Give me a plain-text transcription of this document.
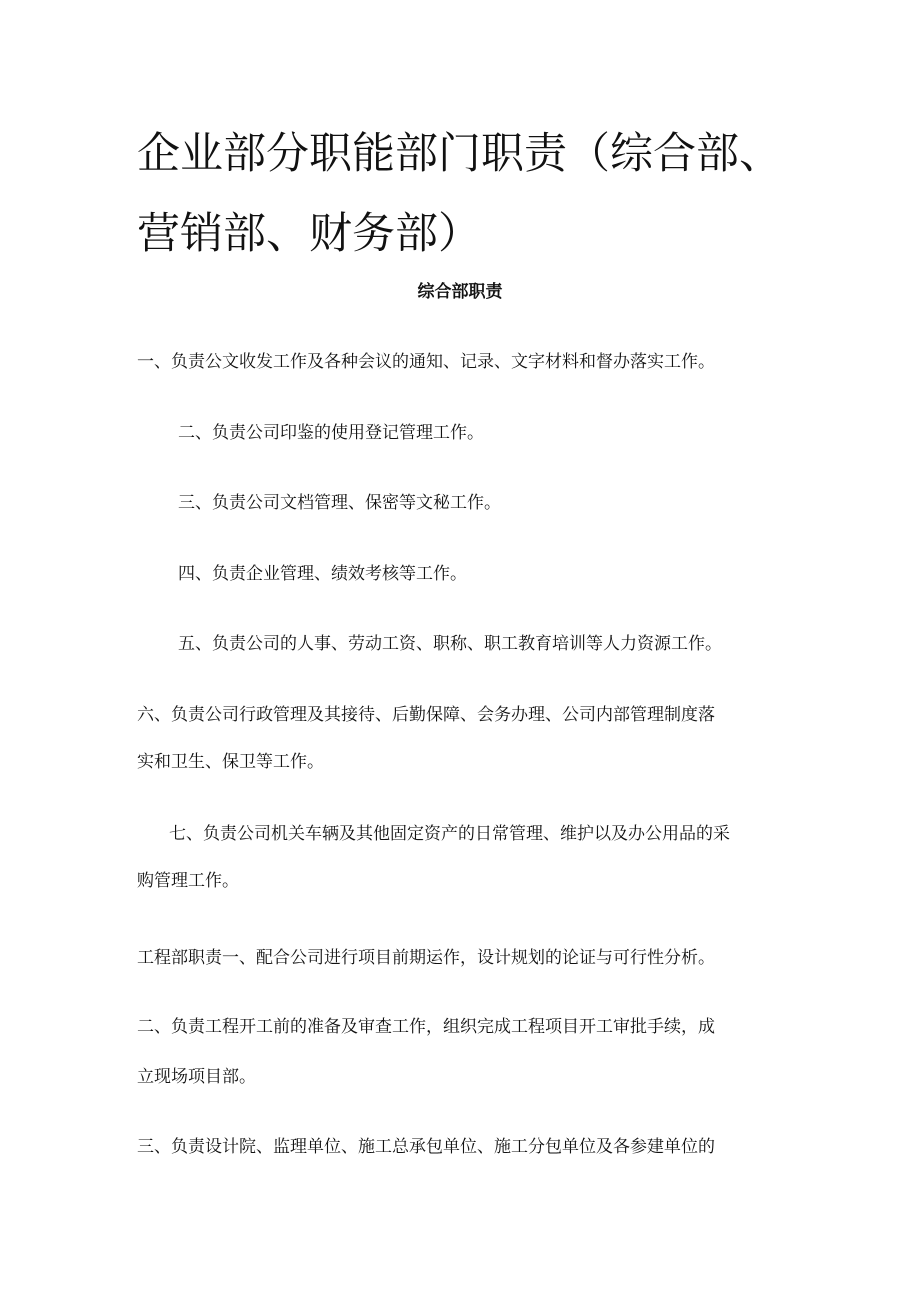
企业部分职能部门职责（综合部、
营销部、财务部）
综合部职责
一、负责公文收发工作及各种会议的通知、记录、文字材料和督办落实工作。
二、负责公司印鉴的使用登记管理工作。
三、负责公司文档管理、保密等文秘工作。
四、负责企业管理、绩效考核等工作。
五、负责公司的人事、劳动工资、职称、职工教育培训等人力资源工作。
六、负责公司行政管理及其接待、后勤保障、会务办理、公司内部管理制度落
实和卫生、保卫等工作。
七、负责公司机关车辆及其他固定资产的日常管理、维护以及办公用品的采
购管理工作。
工程部职责一、配合公司进行项目前期运作，设计规划的论证与可行性分析。
二、负责工程开工前的准备及审查工作，组织完成工程项目开工审批手续，成
立现场项目部。
三、负责设计院、监理单位、施工总承包单位、施工分包单位及各参建单位的
